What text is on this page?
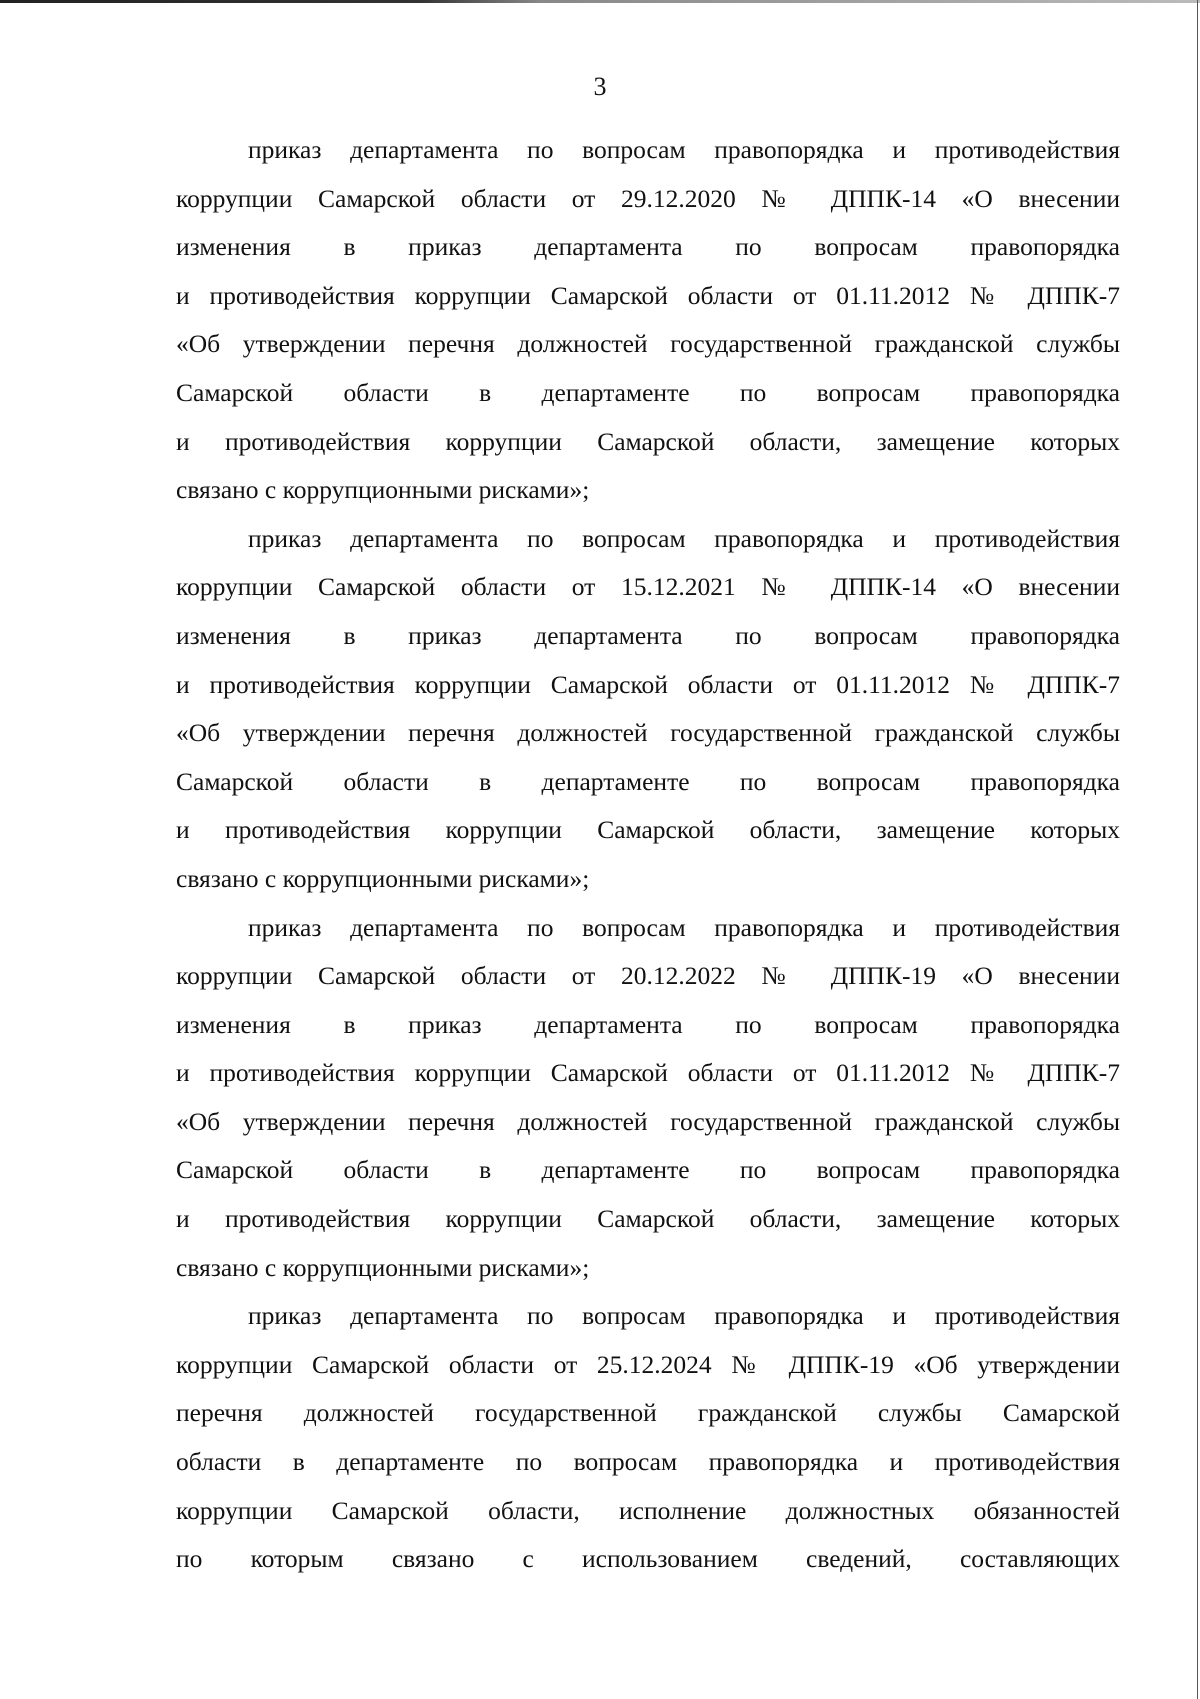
3
приказ департамента по вопросам правопорядка и противодействия
коррупции Самарской области от 29.12.2020 № ДППК-14 «О внесении
изменения в приказ департамента по вопросам правопорядка
и противодействия коррупции Самарской области от 01.11.2012 № ДППК-7
«Об утверждении перечня должностей государственной гражданской службы
Самарской области в департаменте по вопросам правопорядка
и противодействия коррупции Самарской области, замещение которых
связано с коррупционными рисками»;
приказ департамента по вопросам правопорядка и противодействия
коррупции Самарской области от 15.12.2021 № ДППК-14 «О внесении
изменения в приказ департамента по вопросам правопорядка
и противодействия коррупции Самарской области от 01.11.2012 № ДППК-7
«Об утверждении перечня должностей государственной гражданской службы
Самарской области в департаменте по вопросам правопорядка
и противодействия коррупции Самарской области, замещение которых
связано с коррупционными рисками»;
приказ департамента по вопросам правопорядка и противодействия
коррупции Самарской области от 20.12.2022 № ДППК-19 «О внесении
изменения в приказ департамента по вопросам правопорядка
и противодействия коррупции Самарской области от 01.11.2012 № ДППК-7
«Об утверждении перечня должностей государственной гражданской службы
Самарской области в департаменте по вопросам правопорядка
и противодействия коррупции Самарской области, замещение которых
связано с коррупционными рисками»;
приказ департамента по вопросам правопорядка и противодействия
коррупции Самарской области от 25.12.2024 № ДППК-19 «Об утверждении
перечня должностей государственной гражданской службы Самарской
области в департаменте по вопросам правопорядка и противодействия
коррупции Самарской области, исполнение должностных обязанностей
по которым связано с использованием сведений, составляющих
